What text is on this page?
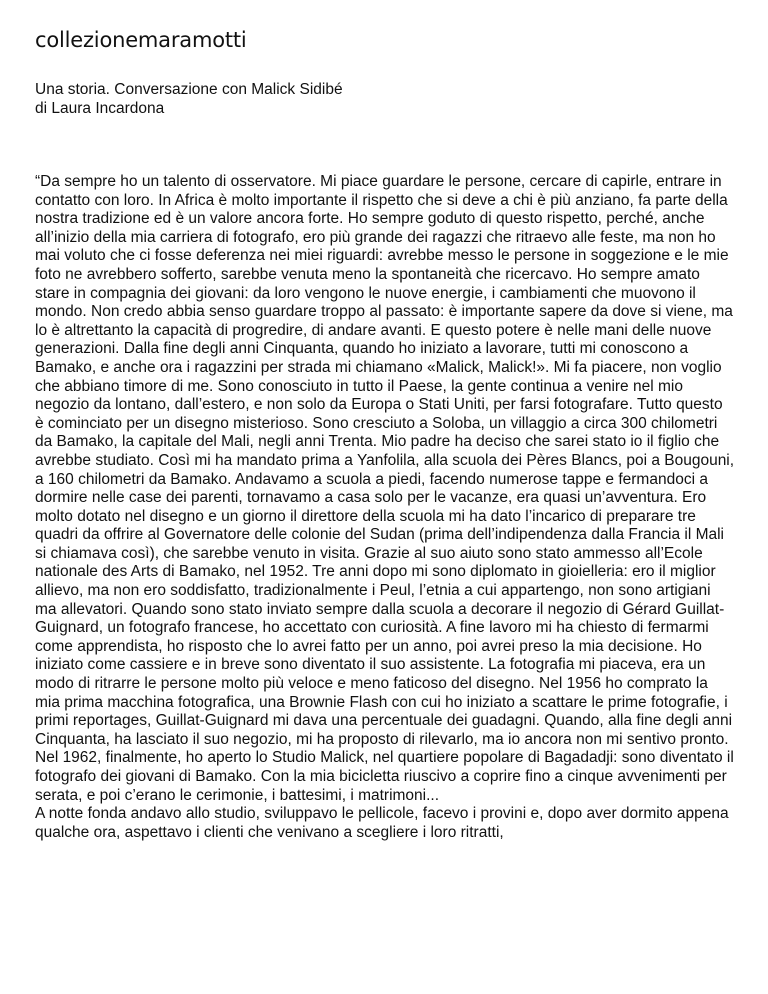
collezionemaramotti
Una storia. Conversazione con Malick Sidibé
di Laura Incardona

“Da sempre ho un talento di osservatore. Mi piace guardare le persone, cercare di capirle, entrare in contatto con loro. In Africa è molto importante il rispetto che si deve a chi è più anziano, fa parte della nostra tradizione ed è un valore ancora forte. Ho sempre goduto di questo rispetto, perché, anche all’inizio della mia carriera di fotografo, ero più grande dei ragazzi che ritraevo alle feste, ma non ho mai voluto che ci fosse deferenza nei miei riguardi: avrebbe messo le persone in soggezione e le mie foto ne avrebbero sofferto, sarebbe venuta meno la spontaneità che ricercavo. Ho sempre amato stare in compagnia dei giovani: da loro vengono le nuove energie, i cambiamenti che muovono il mondo. Non credo abbia senso guardare troppo al passato: è importante sapere da dove si viene, ma lo è altrettanto la capacità di progredire, di andare avanti. E questo potere è nelle mani delle nuove generazioni. Dalla fine degli anni Cinquanta, quando ho iniziato a lavorare, tutti mi conoscono a Bamako, e anche ora i ragazzini per strada mi chiamano «Malick, Malick!». Mi fa piacere, non voglio che abbiano timore di me. Sono conosciuto in tutto il Paese, la gente continua a venire nel mio negozio da lontano, dall’estero, e non solo da Europa o Stati Uniti, per farsi fotografare. Tutto questo è cominciato per un disegno misterioso. Sono cresciuto a Soloba, un villaggio a circa 300 chilometri da Bamako, la capitale del Mali, negli anni Trenta. Mio padre ha deciso che sarei stato io il figlio che avrebbe studiato. Così mi ha mandato prima a Yanfolila, alla scuola dei Pères Blancs, poi a Bougouni, a 160 chilometri da Bamako. Andavamo a scuola a piedi, facendo numerose tappe e fermandoci a dormire nelle case dei parenti, tornavamo a casa solo per le vacanze, era quasi un’avventura. Ero molto dotato nel disegno e un giorno il direttore della scuola mi ha dato l’incarico di preparare tre quadri da offrire al Governatore delle colonie del Sudan (prima dell’indipendenza dalla Francia il Mali si chiamava così), che sarebbe venuto in visita. Grazie al suo aiuto sono stato ammesso all’Ecole nationale des Arts di Bamako, nel 1952. Tre anni dopo mi sono diplomato in gioielleria: ero il miglior allievo, ma non ero soddisfatto, tradizionalmente i Peul, l’etnia a cui appartengo, non sono artigiani ma allevatori. Quando sono stato inviato sempre dalla scuola a decorare il negozio di Gérard Guillat-Guignard, un fotografo francese, ho accettato con curiosità. A fine lavoro mi ha chiesto di fermarmi come apprendista, ho risposto che lo avrei fatto per un anno, poi avrei preso la mia decisione. Ho iniziato come cassiere e in breve sono diventato il suo assistente. La fotografia mi piaceva, era un modo di ritrarre le persone molto più veloce e meno faticoso del disegno. Nel 1956 ho comprato la mia prima macchina fotografica, una Brownie Flash con cui ho iniziato a scattare le prime fotografie, i primi reportages, Guillat-Guignard mi dava una percentuale dei guadagni. Quando, alla fine degli anni Cinquanta, ha lasciato il suo negozio, mi ha proposto di rilevarlo, ma io ancora non mi sentivo pronto. Nel 1962, finalmente, ho aperto lo Studio Malick, nel quartiere popolare di Bagadadji: sono diventato il fotografo dei giovani di Bamako. Con la mia bicicletta riuscivo a coprire fino a cinque avvenimenti per serata, e poi c’erano le cerimonie, i battesimi, i matrimoni...

A notte fonda andavo allo studio, sviluppavo le pellicole, facevo i provini e, dopo aver dormito appena qualche ora, aspettavo i clienti che venivano a scegliere i loro ritratti,
